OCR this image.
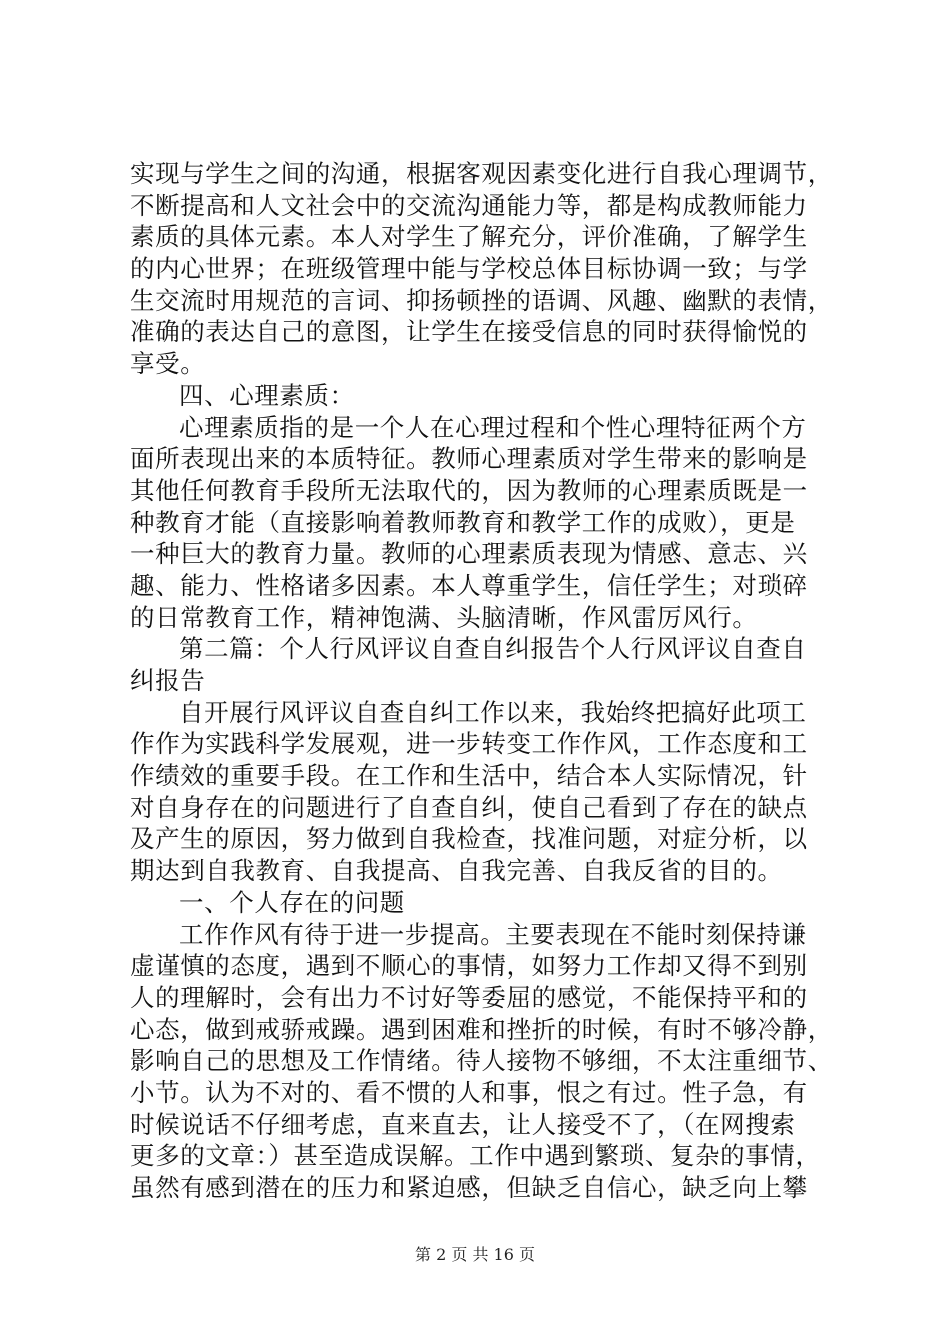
实现与学生之间的沟通，根据客观因素变化进行自我心理调节，
不断提高和人文社会中的交流沟通能力等，都是构成教师能力
素质的具体元素。本人对学生了解充分，评价准确，了解学生
的内心世界；在班级管理中能与学校总体目标协调一致；与学
生交流时用规范的言词、抑扬顿挫的语调、风趣、幽默的表情，
准确的表达自己的意图，让学生在接受信息的同时获得愉悦的
享受。
四、心理素质：
心理素质指的是一个人在心理过程和个性心理特征两个方
面所表现出来的本质特征。教师心理素质对学生带来的影响是
其他任何教育手段所无法取代的，因为教师的心理素质既是一
种教育才能（直接影响着教师教育和教学工作的成败），更是
一种巨大的教育力量。教师的心理素质表现为情感、意志、兴
趣、能力、性格诸多因素。本人尊重学生，信任学生；对琐碎
的日常教育工作，精神饱满、头脑清晰，作风雷厉风行。
第二篇：个人行风评议自查自纠报告个人行风评议自查自
纠报告
自开展行风评议自查自纠工作以来，我始终把搞好此项工
作作为实践科学发展观，进一步转变工作作风，工作态度和工
作绩效的重要手段。在工作和生活中，结合本人实际情况，针
对自身存在的问题进行了自查自纠，使自己看到了存在的缺点
及产生的原因，努力做到自我检查，找准问题，对症分析，以
期达到自我教育、自我提高、自我完善、自我反省的目的。
一、个人存在的问题
工作作风有待于进一步提高。主要表现在不能时刻保持谦
虚谨慎的态度，遇到不顺心的事情，如努力工作却又得不到别
人的理解时，会有出力不讨好等委屈的感觉，不能保持平和的
心态，做到戒骄戒躁。遇到困难和挫折的时候，有时不够冷静，
影响自己的思想及工作情绪。待人接物不够细，不太注重细节、
小节。认为不对的、看不惯的人和事，恨之有过。性子急，有
时候说话不仔细考虑，直来直去，让人接受不了，（在网搜索
更多的文章：）甚至造成误解。工作中遇到繁琐、复杂的事情，
虽然有感到潜在的压力和紧迫感，但缺乏自信心，缺乏向上攀
第 2 页 共 16 页
